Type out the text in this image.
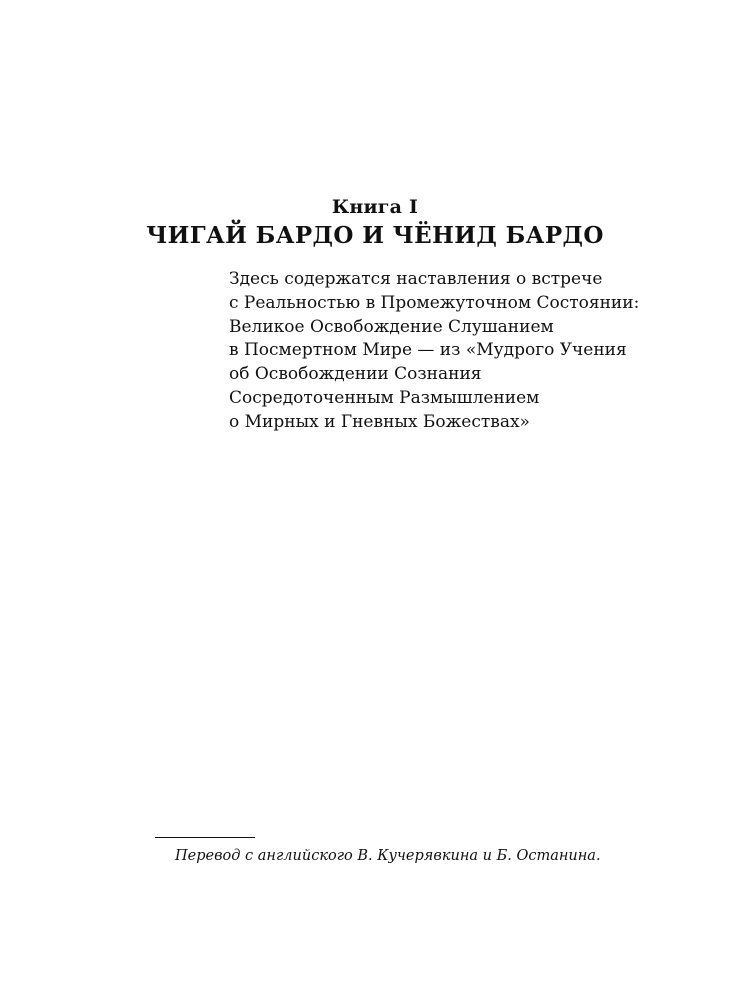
Книга I
ЧИГАЙ БАРДО И ЧЁНИД БАРДО
Здесь содержатся наставления о встрече
с Реальностью в Промежуточном Состоянии:
Великое Освобождение Слушанием
в Посмертном Мире — из «Мудрого Учения
об Освобождении Сознания
Сосредоточенным Размышлением
о Мирных и Гневных Божествах»
Перевод с английского В. Кучерявкина и Б. Останина.
